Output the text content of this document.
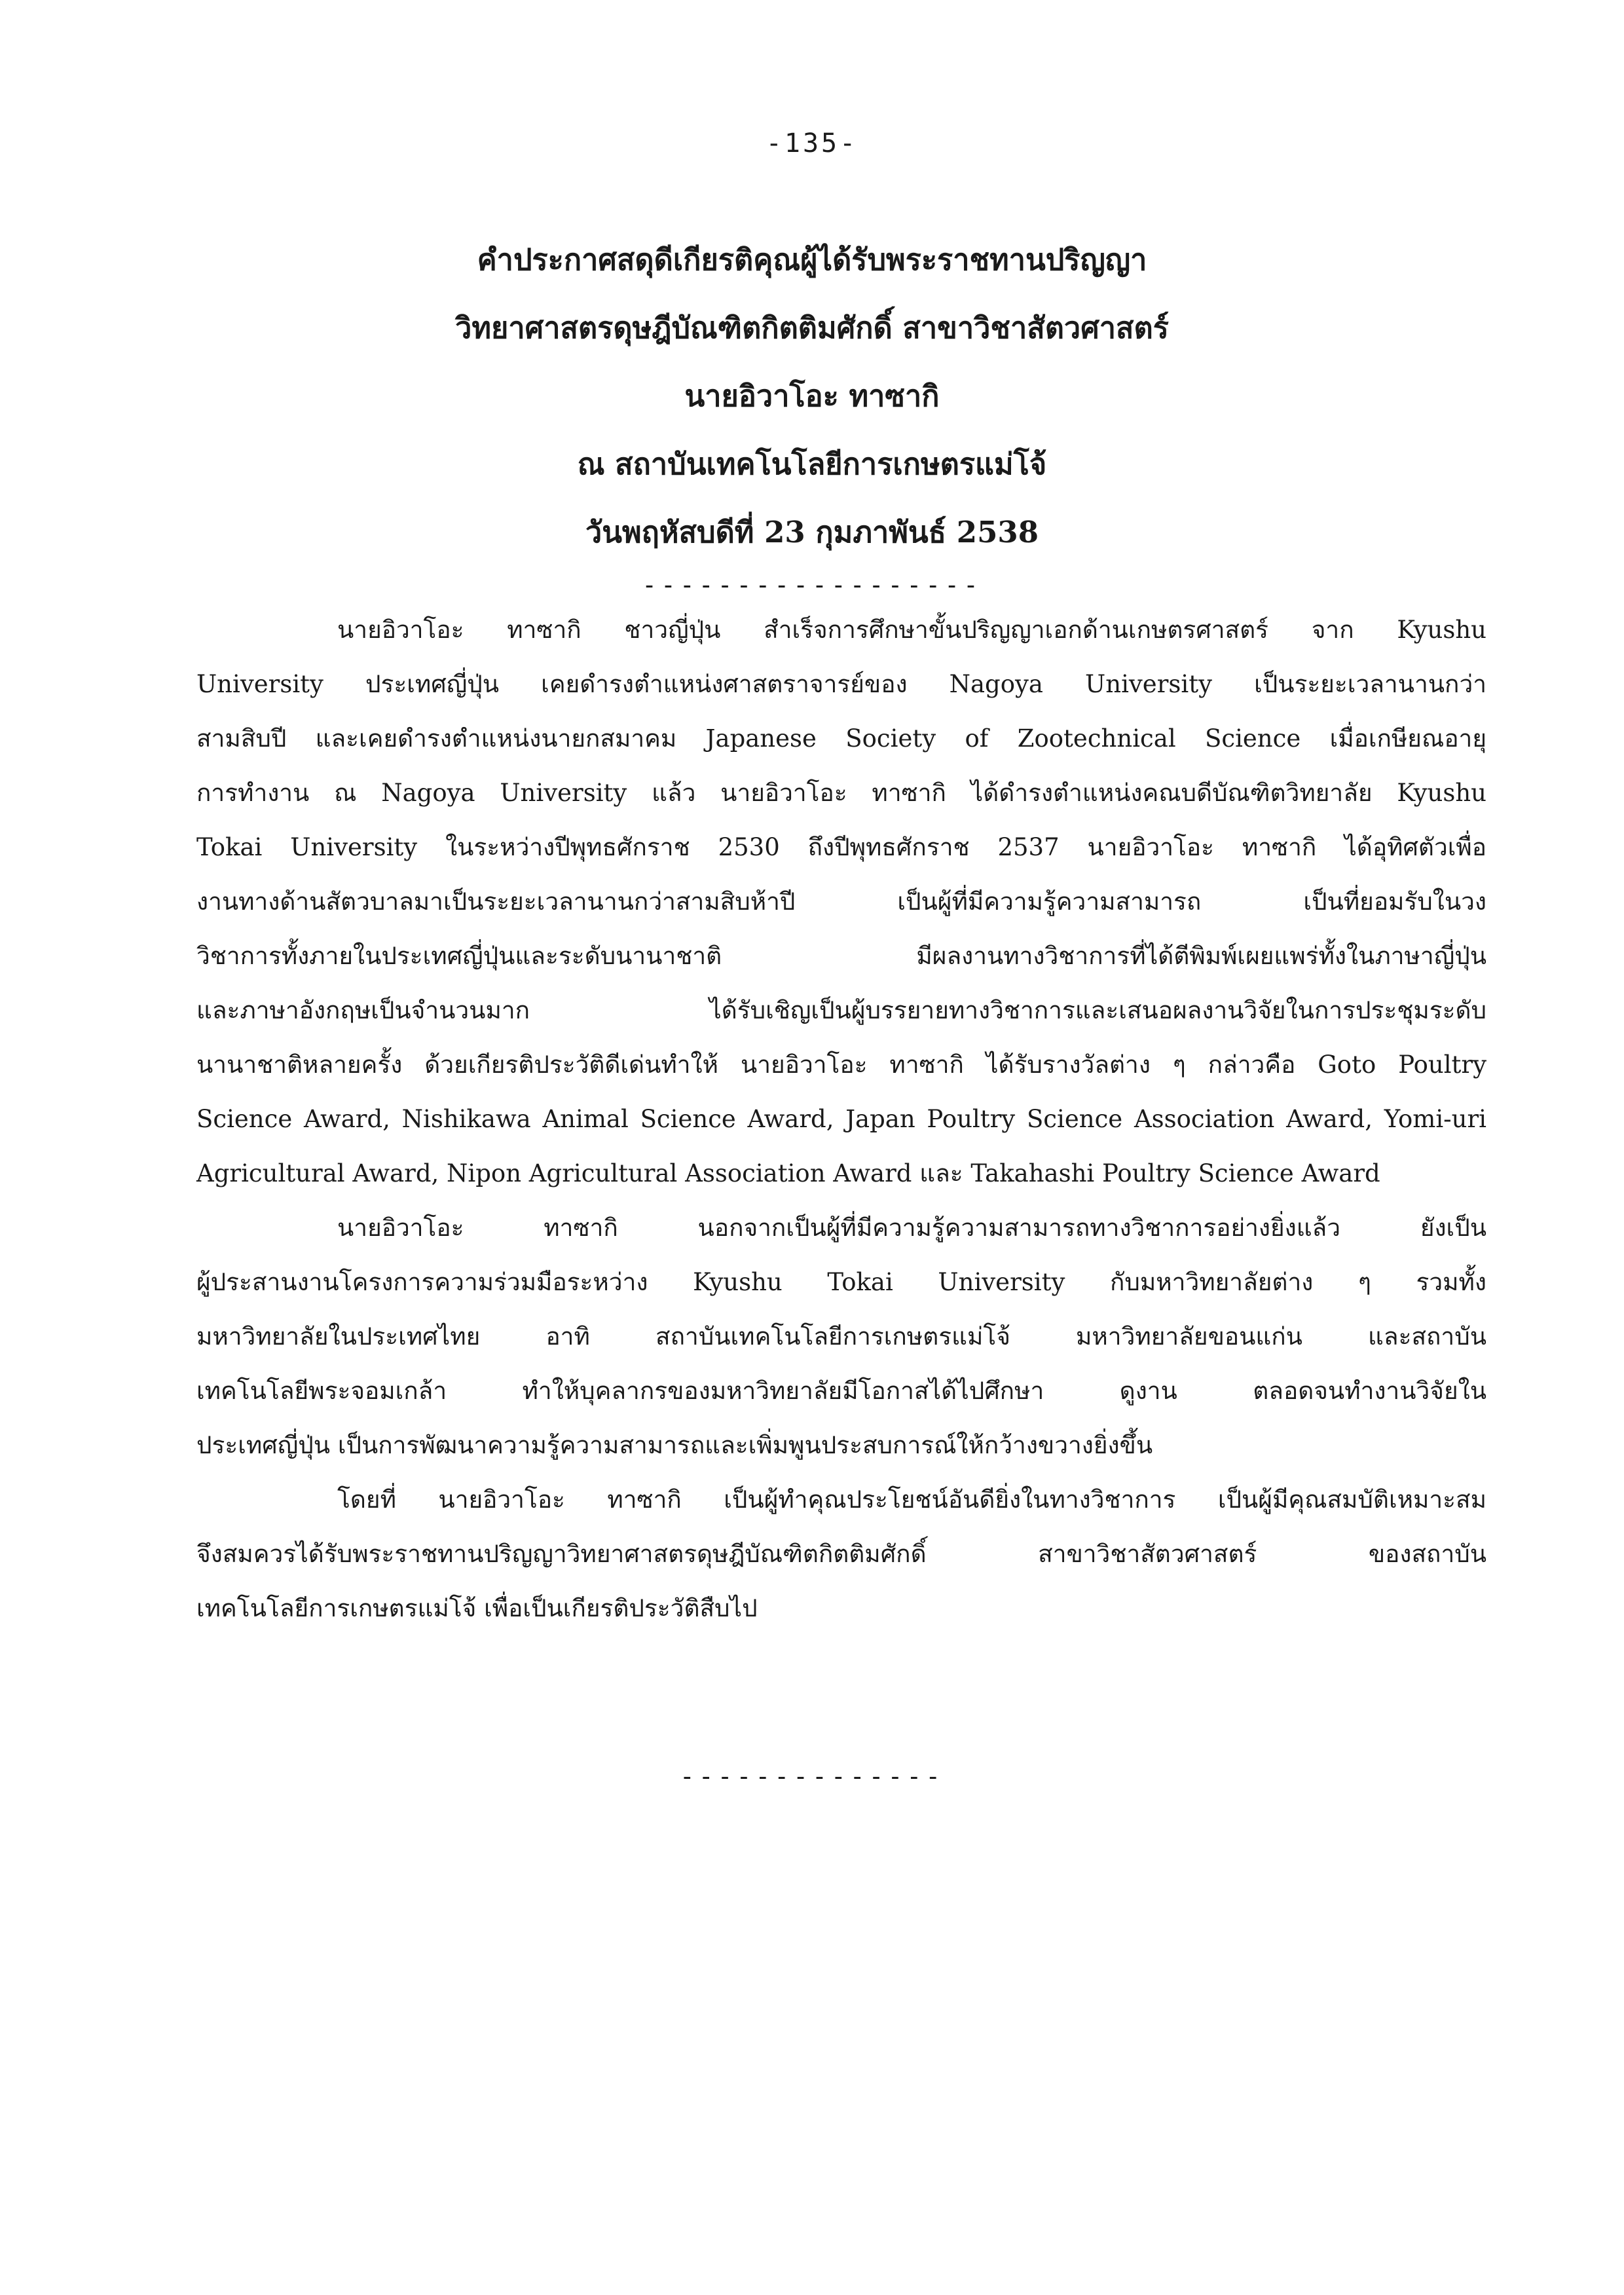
-135-
คำประกาศสดุดีเกียรติคุณผู้ได้รับพระราชทานปริญญา
วิทยาศาสตรดุษฎีบัณฑิตกิตติมศักดิ์ สาขาวิชาสัตวศาสตร์
นายอิวาโอะ ทาซากิ
ณ สถาบันเทคโนโลยีการเกษตรแม่โจ้
วันพฤหัสบดีที่ 23 กุมภาพันธ์ 2538
------------------
นายอิวาโอะ ทาซากิ ชาวญี่ปุ่น สำเร็จการศึกษาขั้นปริญญาเอกด้านเกษตรศาสตร์ จาก Kyushu
University ประเทศญี่ปุ่น เคยดำรงตำแหน่งศาสตราจารย์ของ Nagoya University เป็นระยะเวลานานกว่า
สามสิบปี และเคยดำรงตำแหน่งนายกสมาคม Japanese Society of Zootechnical Science เมื่อเกษียณอายุ
การทำงาน ณ Nagoya University แล้ว นายอิวาโอะ ทาซากิ ได้ดำรงตำแหน่งคณบดีบัณฑิตวิทยาลัย Kyushu
Tokai University ในระหว่างปีพุทธศักราช 2530 ถึงปีพุทธศักราช 2537 นายอิวาโอะ ทาซากิ ได้อุทิศตัวเพื่อ
งานทางด้านสัตวบาลมาเป็นระยะเวลานานกว่าสามสิบห้าปี เป็นผู้ที่มีความรู้ความสามารถ เป็นที่ยอมรับในวง
วิชาการทั้งภายในประเทศญี่ปุ่นและระดับนานาชาติ มีผลงานทางวิชาการที่ได้ตีพิมพ์เผยแพร่ทั้งในภาษาญี่ปุ่น
และภาษาอังกฤษเป็นจำนวนมาก ได้รับเชิญเป็นผู้บรรยายทางวิชาการและเสนอผลงานวิจัยในการประชุมระดับ
นานาชาติหลายครั้ง ด้วยเกียรติประวัติดีเด่นทำให้ นายอิวาโอะ ทาซากิ ได้รับรางวัลต่าง ๆ กล่าวคือ Goto Poultry
Science Award, Nishikawa Animal Science Award, Japan Poultry Science Association Award, Yomi-uri
Agricultural Award, Nipon Agricultural Association Award และ Takahashi Poultry Science Award
นายอิวาโอะ ทาซากิ นอกจากเป็นผู้ที่มีความรู้ความสามารถทางวิชาการอย่างยิ่งแล้ว ยังเป็น
ผู้ประสานงานโครงการความร่วมมือระหว่าง Kyushu Tokai University กับมหาวิทยาลัยต่าง ๆ รวมทั้ง
มหาวิทยาลัยในประเทศไทย อาทิ สถาบันเทคโนโลยีการเกษตรแม่โจ้ มหาวิทยาลัยขอนแก่น และสถาบัน
เทคโนโลยีพระจอมเกล้า ทำให้บุคลากรของมหาวิทยาลัยมีโอกาสได้ไปศึกษา ดูงาน ตลอดจนทำงานวิจัยใน
ประเทศญี่ปุ่น เป็นการพัฒนาความรู้ความสามารถและเพิ่มพูนประสบการณ์ให้กว้างขวางยิ่งขึ้น
โดยที่ นายอิวาโอะ ทาซากิ เป็นผู้ทำคุณประโยชน์อันดียิ่งในทางวิชาการ เป็นผู้มีคุณสมบัติเหมาะสม
จึงสมควรได้รับพระราชทานปริญญาวิทยาศาสตรดุษฎีบัณฑิตกิตติมศักดิ์ สาขาวิชาสัตวศาสตร์ ของสถาบัน
เทคโนโลยีการเกษตรแม่โจ้ เพื่อเป็นเกียรติประวัติสืบไป
--------------
